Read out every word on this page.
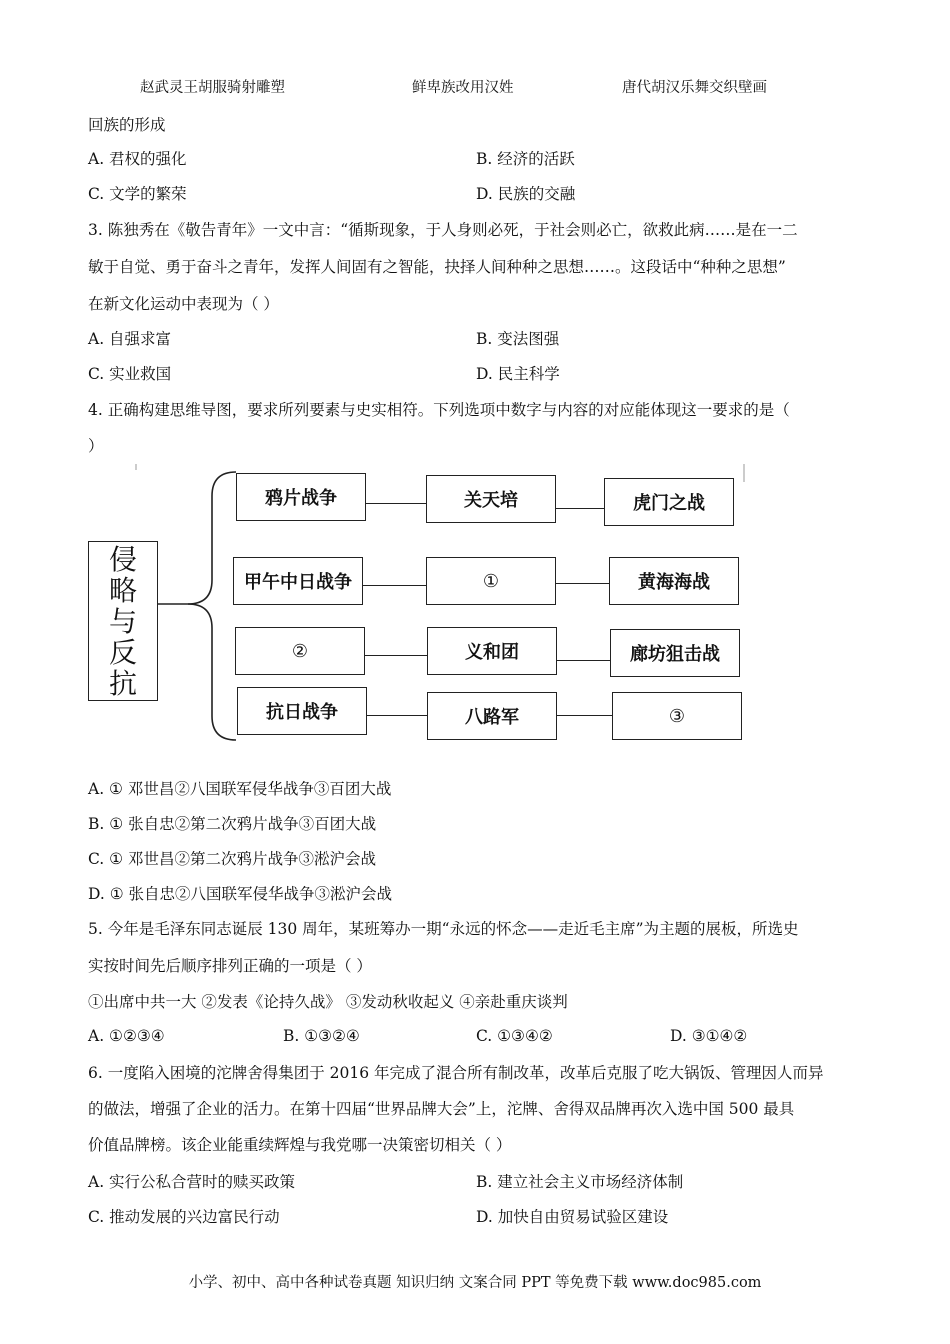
赵武灵王胡服骑射雕塑	鲜卑族改用汉姓	唐代胡汉乐舞交织壁画
回族的形成
A. 君权的强化	B. 经济的活跃
C. 文学的繁荣	D. 民族的交融
3. 陈独秀在《敬告青年》一文中言：“循斯现象，于人身则必死，于社会则必亡，欲救此病……是在一二
敏于自觉、勇于奋斗之青年，发挥人间固有之智能，抉择人间种种之思想……。这段话中“种种之思想”
在新文化运动中表现为（ ）
A. 自强求富	B. 变法图强
C. 实业救国	D. 民主科学
4. 正确构建思维导图，要求所列要素与史实相符。下列选项中数字与内容的对应能体现这一要求的是（
）
侵
略
与
反
抗
鸦片战争	关天培	虎门之战
甲午中日战争	①	黄海海战
②	义和团	廊坊狙击战
抗日战争	八路军	③
A. ① 邓世昌②八国联军侵华战争③百团大战
B. ① 张自忠②第二次鸦片战争③百团大战
C. ① 邓世昌②第二次鸦片战争③淞沪会战
D. ① 张自忠②八国联军侵华战争③淞沪会战
5. 今年是毛泽东同志诞辰 130 周年，某班筹办一期“永远的怀念——走近毛主席”为主题的展板，所选史
实按时间先后顺序排列正确的一项是（ ）
①出席中共一大 ②发表《论持久战》 ③发动秋收起义 ④亲赴重庆谈判
A. ①②③④	B. ①③②④	C. ①③④②	D. ③①④②
6. 一度陷入困境的沱牌舍得集团于 2016 年完成了混合所有制改革，改革后克服了吃大锅饭、管理因人而异
的做法，增强了企业的活力。在第十四届“世界品牌大会”上，沱牌、舍得双品牌再次入选中国 500 最具
价值品牌榜。该企业能重续辉煌与我党哪一决策密切相关（ ）
A. 实行公私合营时的赎买政策	B. 建立社会主义市场经济体制
C. 推动发展的兴边富民行动	D. 加快自由贸易试验区建设
小学、初中、高中各种试卷真题 知识归纳 文案合同 PPT 等免费下载 www.doc985.com
